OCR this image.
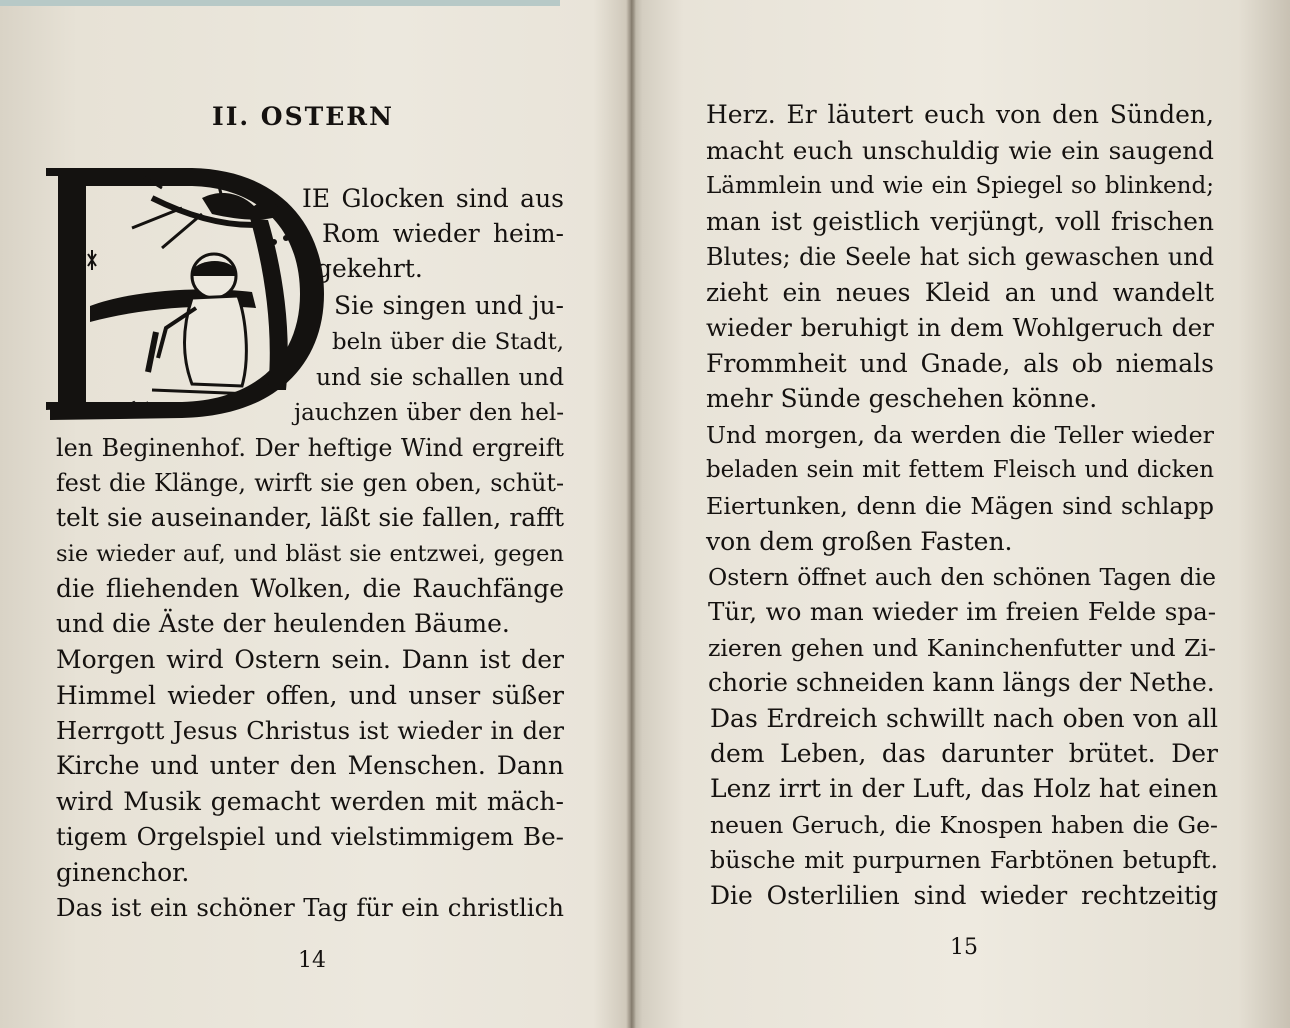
II. OSTERN
IE Glocken sind aus
Rom wieder heim-
gekehrt.
Sie singen und ju-
beln über die Stadt,
und sie schallen und
jauchzen über den hel-
len Beginenhof. Der heftige Wind ergreift
fest die Klänge, wirft sie gen oben, schüt-
telt sie auseinander, läßt sie fallen, rafft
sie wieder auf, und bläst sie entzwei, gegen
die fliehenden Wolken, die Rauchfänge
und die Äste der heulenden Bäume.
Morgen wird Ostern sein. Dann ist der
Himmel wieder offen, und unser süßer
Herrgott Jesus Christus ist wieder in der
Kirche und unter den Menschen. Dann
wird Musik gemacht werden mit mäch-
tigem Orgelspiel und vielstimmigem Be-
ginenchor.
Das ist ein schöner Tag für ein christlich
14
Herz. Er läutert euch von den Sünden,
macht euch unschuldig wie ein saugend
Lämmlein und wie ein Spiegel so blinkend;
man ist geistlich verjüngt, voll frischen
Blutes; die Seele hat sich gewaschen und
zieht ein neues Kleid an und wandelt
wieder beruhigt in dem Wohlgeruch der
Frommheit und Gnade, als ob niemals
mehr Sünde geschehen könne.
Und morgen, da werden die Teller wieder
beladen sein mit fettem Fleisch und dicken
Eiertunken, denn die Mägen sind schlapp
von dem großen Fasten.
Ostern öffnet auch den schönen Tagen die
Tür, wo man wieder im freien Felde spa-
zieren gehen und Kaninchenfutter und Zi-
chorie schneiden kann längs der Nethe.
Das Erdreich schwillt nach oben von all
dem Leben, das darunter brütet. Der
Lenz irrt in der Luft, das Holz hat einen
neuen Geruch, die Knospen haben die Ge-
büsche mit purpurnen Farbtönen betupft.
Die Osterlilien sind wieder rechtzeitig
15
